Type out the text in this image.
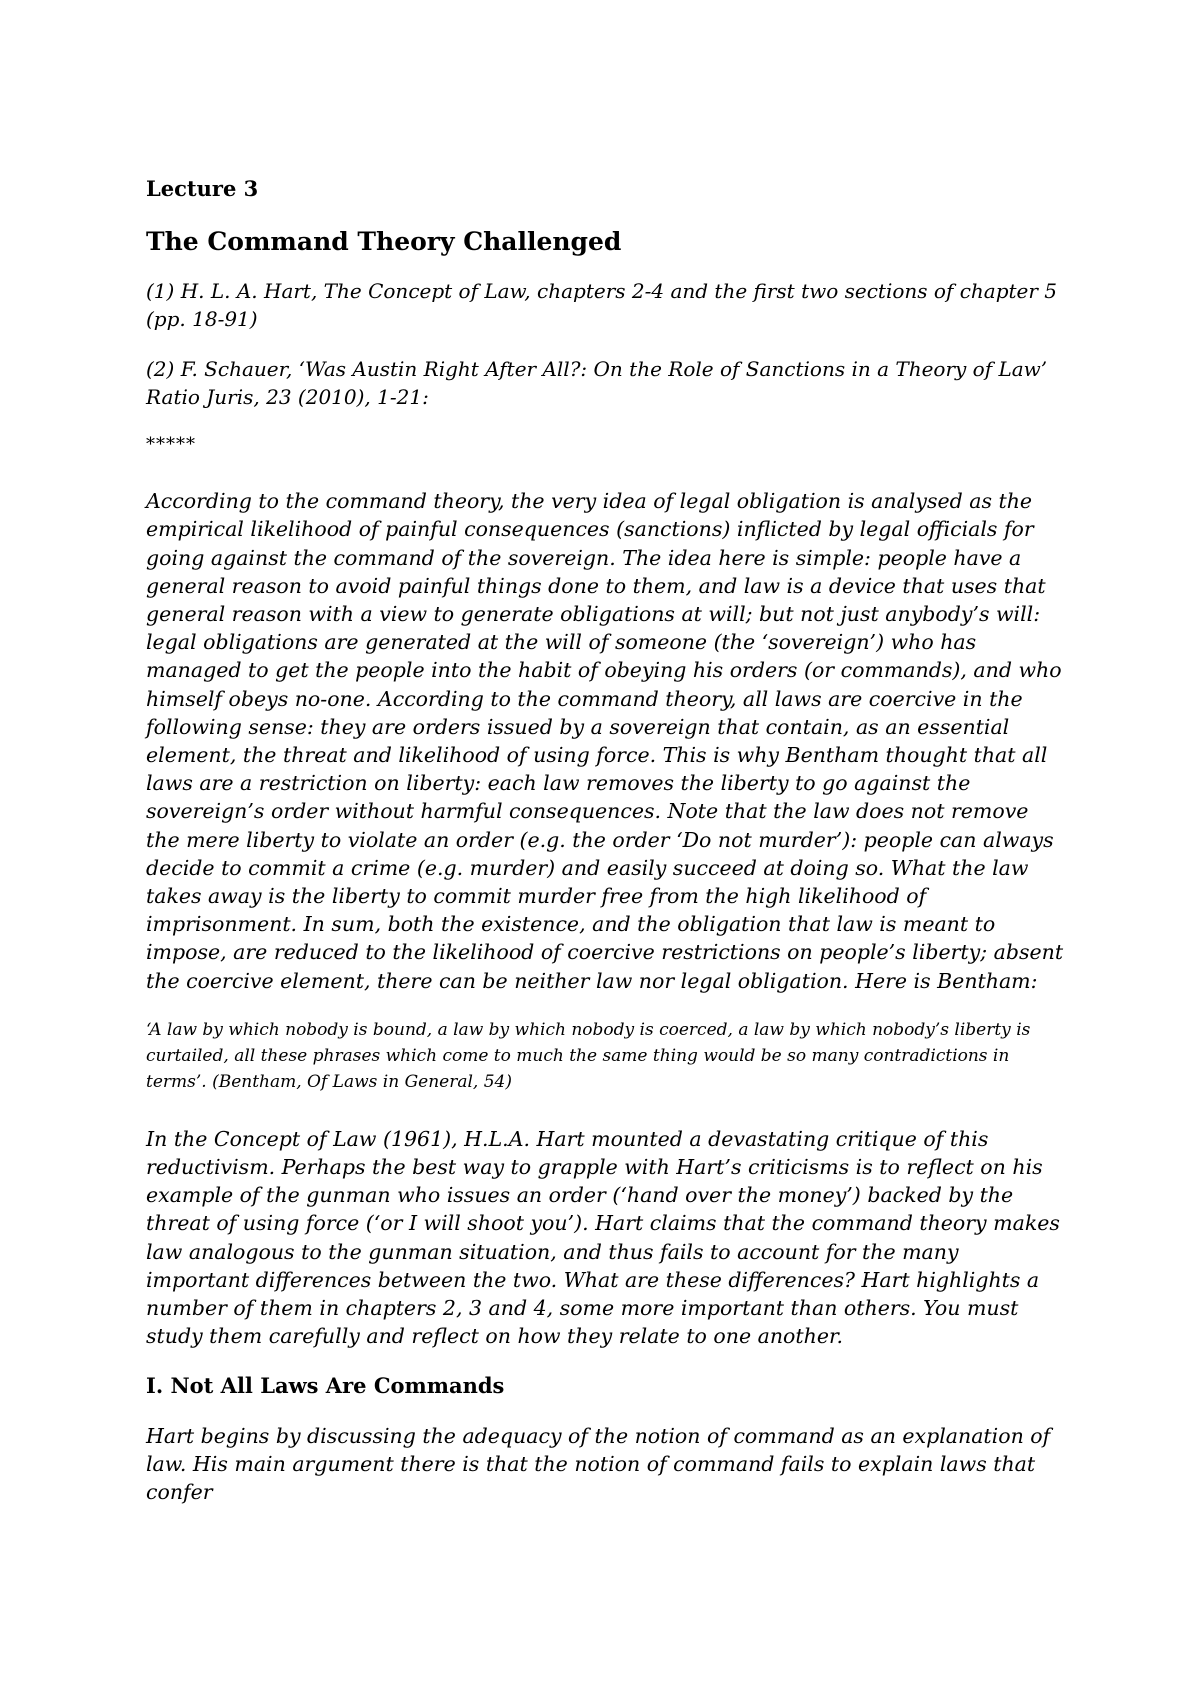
Lecture 3
The Command Theory Challenged

(1) H. L. A. Hart, The Concept of Law, chapters 2-4 and the first two sections of chapter 5 (pp. 18-91)

(2) F. Schauer, ‘Was Austin Right After All?: On the Role of Sanctions in a Theory of Law’ Ratio Juris, 23 (2010), 1-21:

*****

According to the command theory, the very idea of legal obligation is analysed as the empirical likelihood of painful consequences (sanctions) inflicted by legal officials for going against the command of the sovereign. The idea here is simple: people have a general reason to avoid painful things done to them, and law is a device that uses that general reason with a view to generate obligations at will; but not just anybody’s will: legal obligations are generated at the will of someone (the ‘sovereign’) who has managed to get the people into the habit of obeying his orders (or commands), and who himself obeys no-one. According to the command theory, all laws are coercive in the following sense: they are orders issued by a sovereign that contain, as an essential element, the threat and likelihood of using force. This is why Bentham thought that all laws are a restriction on liberty: each law removes the liberty to go against the sovereign’s order without harmful consequences. Note that the law does not remove the mere liberty to violate an order (e.g. the order ‘Do not murder’): people can always decide to commit a crime (e.g. murder) and easily succeed at doing so. What the law takes away is the liberty to commit murder free from the high likelihood of imprisonment. In sum, both the existence, and the obligation that law is meant to impose, are reduced to the likelihood of coercive restrictions on people’s liberty; absent the coercive element, there can be neither law nor legal obligation. Here is Bentham:

‘A law by which nobody is bound, a law by which nobody is coerced, a law by which nobody’s liberty is curtailed, all these phrases which come to much the same thing would be so many contradictions in terms’. (Bentham, Of Laws in General, 54)

In the Concept of Law (1961), H.L.A. Hart mounted a devastating critique of this reductivism. Perhaps the best way to grapple with Hart’s criticisms is to reflect on his example of the gunman who issues an order (‘hand over the money’) backed by the threat of using force (‘or I will shoot you’). Hart claims that the command theory makes law analogous to the gunman situation, and thus fails to account for the many important differences between the two. What are these differences? Hart highlights a number of them in chapters 2, 3 and 4, some more important than others. You must study them carefully and reflect on how they relate to one another.

I. Not All Laws Are Commands

Hart begins by discussing the adequacy of the notion of command as an explanation of law. His main argument there is that the notion of command fails to explain laws that confer
